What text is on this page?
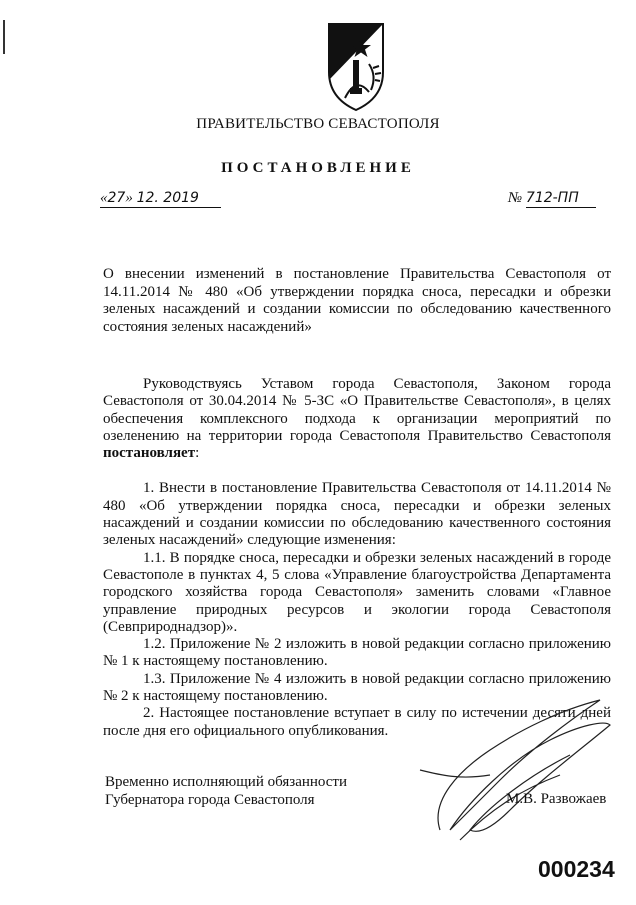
ПРАВИТЕЛЬСТВО СЕВАСТОПОЛЯ
ПОСТАНОВЛЕНИЕ
«27» 12. 2019	№ 712-ПП
О внесении изменений в постановление Правительства Севастополя от 14.11.2014 № 480 «Об утверждении порядка сноса, пересадки и обрезки зеленых насаждений и создании комиссии по обследованию качественного состояния зеленых насаждений»

Руководствуясь Уставом города Севастополя, Законом города Севастополя от 30.04.2014 № 5-ЗС «О Правительстве Севастополя», в целях обеспечения комплексного подхода к организации мероприятий по озеленению на территории города Севастополя Правительство Севастополя постановляет:

1. Внести в постановление Правительства Севастополя от 14.11.2014 № 480 «Об утверждении порядка сноса, пересадки и обрезки зеленых насаждений и создании комиссии по обследованию качественного состояния зеленых насаждений» следующие изменения:

1.1. В порядке сноса, пересадки и обрезки зеленых насаждений в городе Севастополе в пунктах 4, 5 слова «Управление благоустройства Департамента городского хозяйства города Севастополя» заменить словами «Главное управление природных ресурсов и экологии города Севастополя (Севприроднадзор)».

1.2. Приложение № 2 изложить в новой редакции согласно приложению № 1 к настоящему постановлению.

1.3. Приложение № 4 изложить в новой редакции согласно приложению № 2 к настоящему постановлению.

2. Настоящее постановление вступает в силу по истечении десяти дней после дня его официального опубликования.

Временно исполняющий обязанности
Губернатора города Севастополя	М.В. Развожаев
000234
